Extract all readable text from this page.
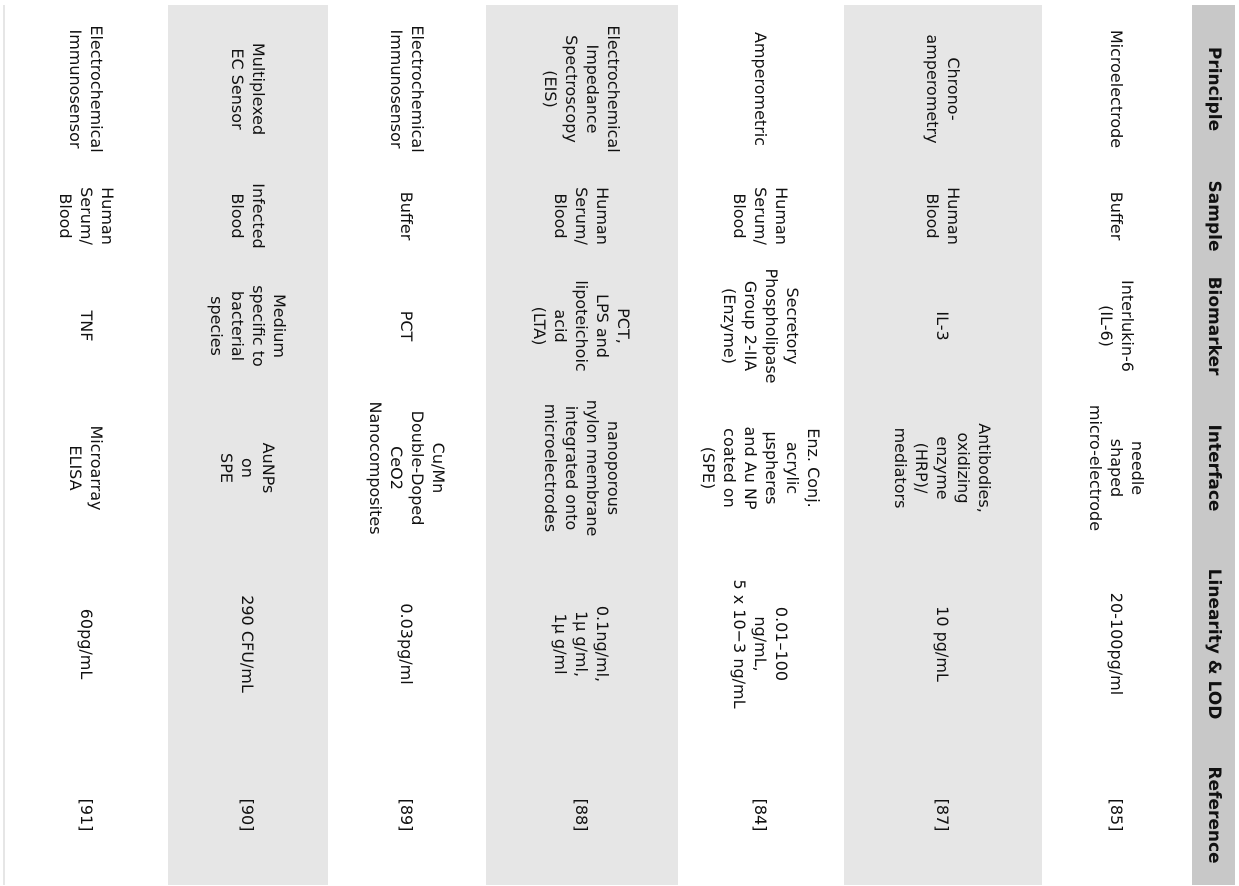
Principle
Sample
Biomarker
Interface
Linearity & LOD
Reference
Microelectrode
Buffer
Interlukin-6
(IL-6)
needle
shaped
micro-electrode
20-100pg/ml
[85]
Chrono-
amperometry
Human
Blood
IL-3
Antibodies,
oxidizing
enzyme
(HRP)/
mediators
10 pg/mL
[87]
Amperometric
Human
Serum/
Blood
Secretory
Phospholipase
Group 2-IIA
(Enzyme)
Enz. Conj.
acrylic
μspheres
and Au NP
coated on
(SPE)
0.01–100
ng/mL,
5 x 10−3 ng/mL
[84]
Electrochemical
Impedance
Spectroscopy
(EIS)
Human
Serum/
Blood
PCT,
LPS and
lipoteichoic
acid
(LTA)
nanoporous
nylon membrane
integrated onto
microelectrodes
0.1ng/ml,
1μ g/ml,
1μ g/ml
[88]
Electrochemical
Immunosensor
Buffer
PCT
Cu/Mn
Double-Doped
CeO2
Nanocomposites
0.03pg/ml
[89]
Multiplexed
EC Sensor
Infected
Blood
Medium
specific to
bacterial
species
AuNPs
on
SPE
290 CFU/mL
[90]
Electrochemical
Immunosensor
Human
Serum/
Blood
TNF
Microarray
ELISA
60pg/mL
[91]
